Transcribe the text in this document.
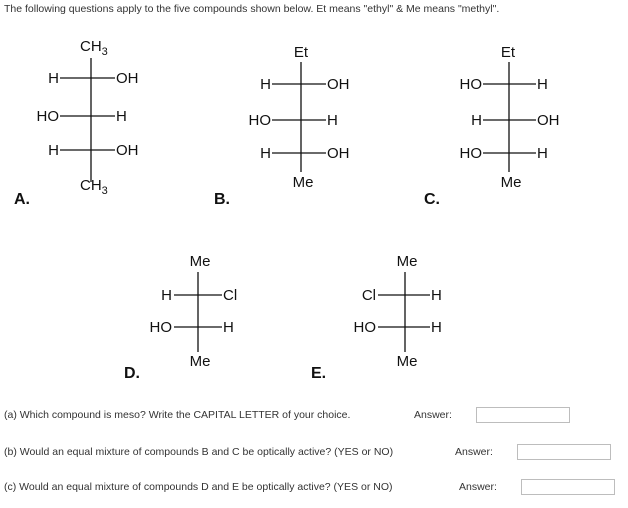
The following questions apply to the five compounds shown below. Et means "ethyl" & Me means "methyl".
$CH_3$
H	OH
HO	H
H	OH
$CH_3$
A.
Et
H	OH
HO	H
H	OH
Me
B.
Et
HO	H
H	OH
HO	H
Me
C.
Me
H	Cl
HO	H
Me
D.
Me
Cl	H
HO	H
Me
E.
(a) Which compound is meso? Write the CAPITAL LETTER of your choice.	Answer:
(b) Would an equal mixture of compounds B and C be optically active? (YES or NO)	Answer:
(c) Would an equal mixture of compounds D and E be optically active? (YES or NO)	Answer:
